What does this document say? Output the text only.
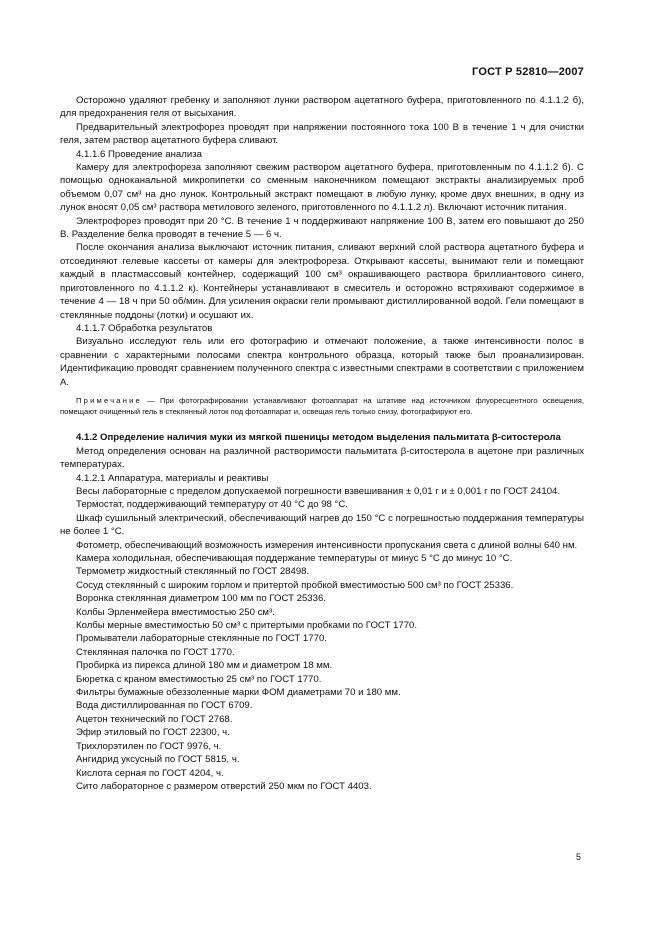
ГОСТ Р 52810—2007

Осторожно удаляют гребенку и заполняют лунки раствором ацетатного буфера, приготовленного по 4.1.1.2 б), для предохранения геля от высыхания.

Предварительный электрофорез проводят при напряжении постоянного тока 100 В в течение 1 ч для очистки геля, затем раствор ацетатного буфера сливают.

4.1.1.6 Проведение анализа

Камеру для электрофореза заполняют свежим раствором ацетатного буфера, приготовленным по 4.1.1.2 б). С помощью одноканальной микропипетки со сменным наконечником помещают экстракты анализируемых проб объемом 0,07 см³ на дно лунок. Контрольный экстракт помещают в любую лунку, кроме двух внешних, в одну из лунок вносят 0,05 см³ раствора метилового зеленого, приготовленного по 4.1.1.2 л). Включают источник питания.

Электрофорез проводят при 20 °С. В течение 1 ч поддерживают напряжение 100 В, затем его повышают до 250 В. Разделение белка проводят в течение 5 — 6 ч.

После окончания анализа выключают источник питания, сливают верхний слой раствора ацетатного буфера и отсоединяют гелевые кассеты от камеры для электрофореза. Открывают кассеты, вынимают гели и помещают каждый в пластмассовый контейнер, содержащий 100 см³ окрашивающего раствора бриллиантового синего, приготовленного по 4.1.1.2 к). Контейнеры устанавливают в смеситель и осторожно встряхивают содержимое в течение 4 — 18 ч при 50 об/мин. Для усиления окраски гели промывают дистиллированной водой. Гели помещают в стеклянные поддоны (лотки) и осушают их.

4.1.1.7 Обработка результатов

Визуально исследуют гель или его фотографию и отмечают положение, а также интенсивности полос в сравнении с характерными полосами спектра контрольного образца, который также был проанализирован. Идентификацию проводят сравнением полученного спектра с известными спектрами в соответствии с приложением А.

Примечание — При фотографировании устанавливают фотоаппарат на штативе над источником флуоресцентного освещения, помещают очищенный гель в стеклянный лоток под фотоаппарат и, освещая гель только снизу, фотографируют его.

4.1.2 Определение наличия муки из мягкой пшеницы методом выделения пальмитата β-ситостерола

Метод определения основан на различной растворимости пальмитата β-ситостерола в ацетоне при различных температурах.

4.1.2.1 Аппаратура, материалы и реактивы

Весы лабораторные с пределом допускаемой погрешности взвешивания ± 0,01 г и ± 0,001 г по ГОСТ 24104.

Термостат, поддерживающий температуру от 40 °С до 98 °С.

Шкаф сушильный электрический, обеспечивающий нагрев до 150 °С с погрешностью поддержания температуры не более 1 °С.

Фотометр, обеспечивающий возможность измерения интенсивности пропускания света с длиной волны 640 нм.

Камера холодильная, обеспечивающая поддержание температуры от минус 5 °С до минус 10 °С.

Термометр жидкостный стеклянный по ГОСТ 28498.

Сосуд стеклянный с широким горлом и притертой пробкой вместимостью 500 см³ по ГОСТ 25336.

Воронка стеклянная диаметром 100 мм по ГОСТ 25336.

Колбы Эрленмейера вместимостью 250 см³.

Колбы мерные вместимостью 50 см³ с притертыми пробками по ГОСТ 1770.

Промыватели лабораторные стеклянные по ГОСТ 1770.

Стеклянная палочка по ГОСТ 1770.

Пробирка из пирекса длиной 180 мм и диаметром 18 мм.

Бюретка с краном вместимостью 25 см³ по ГОСТ 1770.

Фильтры бумажные обеззоленные марки ФОМ диаметрами 70 и 180 мм.

Вода дистиллированная по ГОСТ 6709.

Ацетон технический по ГОСТ 2768.

Эфир этиловый по ГОСТ 22300, ч.

Трихлорэтилен по ГОСТ 9976, ч.

Ангидрид уксусный по ГОСТ 5815, ч.

Кислота серная по ГОСТ 4204, ч.

Сито лабораторное с размером отверстий 250 мкм по ГОСТ 4403.

5
